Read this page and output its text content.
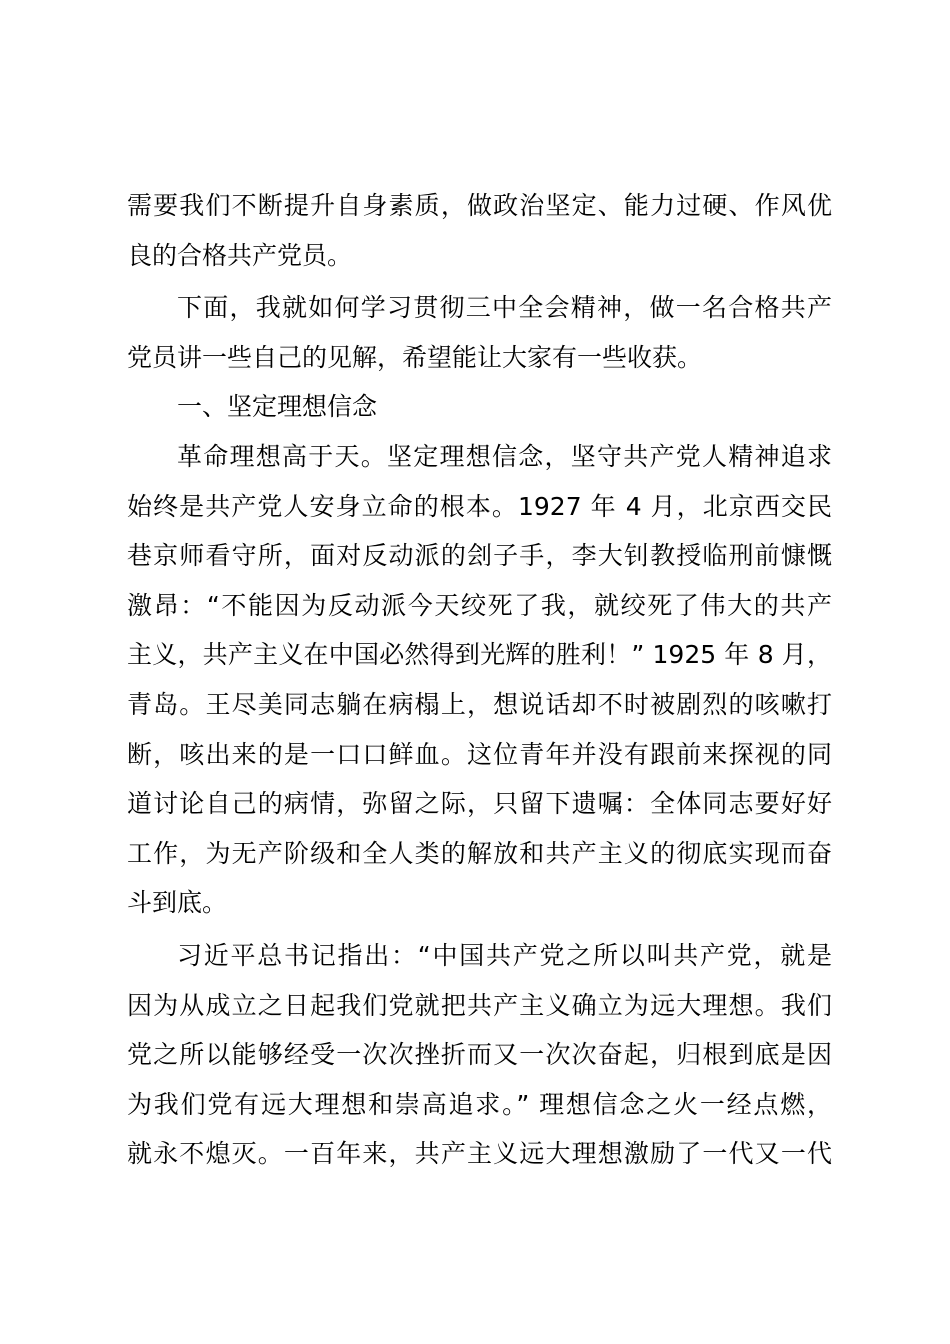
需要我们不断提升自身素质，做政治坚定、能力过硬、作风优
良的合格共产党员。
下面，我就如何学习贯彻三中全会精神，做一名合格共产
党员讲一些自己的见解，希望能让大家有一些收获。
一、坚定理想信念
革命理想高于天。坚定理想信念，坚守共产党人精神追求
始终是共产党人安身立命的根本。1927 年 4 月，北京西交民
巷京师看守所，面对反动派的刽子手，李大钊教授临刑前慷慨
激昂：“不能因为反动派今天绞死了我，就绞死了伟大的共产
主义，共产主义在中国必然得到光辉的胜利！” 1925 年 8 月，
青岛。王尽美同志躺在病榻上，想说话却不时被剧烈的咳嗽打
断，咳出来的是一口口鲜血。这位青年并没有跟前来探视的同
道讨论自己的病情，弥留之际，只留下遗嘱：全体同志要好好
工作，为无产阶级和全人类的解放和共产主义的彻底实现而奋
斗到底。
习近平总书记指出：“中国共产党之所以叫共产党，就是
因为从成立之日起我们党就把共产主义确立为远大理想。我们
党之所以能够经受一次次挫折而又一次次奋起，归根到底是因
为我们党有远大理想和崇高追求。” 理想信念之火一经点燃，
就永不熄灭。一百年来，共产主义远大理想激励了一代又一代
